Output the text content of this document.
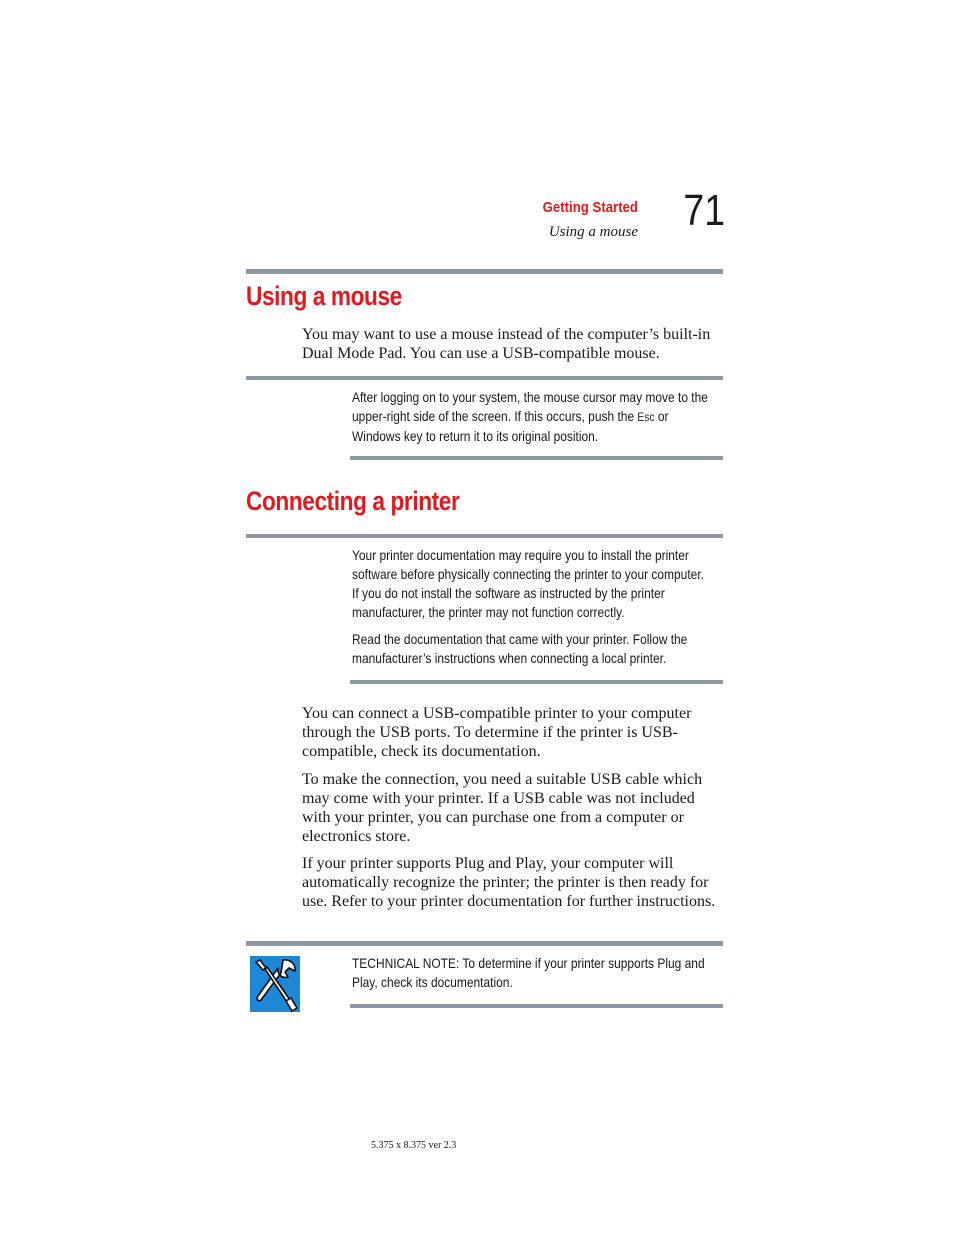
Getting Started
Using a mouse 71
Using a mouse

You may want to use a mouse instead of the computer’s built-in Dual Mode Pad. You can use a USB-compatible mouse.

After logging on to your system, the mouse cursor may move to the upper-right side of the screen. If this occurs, push the Esc or Windows key to return it to its original position.

Connecting a printer

Your printer documentation may require you to install the printer software before physically connecting the printer to your computer. If you do not install the software as instructed by the printer manufacturer, the printer may not function correctly.

Read the documentation that came with your printer. Follow the manufacturer’s instructions when connecting a local printer.

You can connect a USB-compatible printer to your computer through the USB ports. To determine if the printer is USB-compatible, check its documentation.

To make the connection, you need a suitable USB cable which may come with your printer. If a USB cable was not included with your printer, you can purchase one from a computer or electronics store.

If your printer supports Plug and Play, your computer will automatically recognize the printer; the printer is then ready for use. Refer to your printer documentation for further instructions.

TECHNICAL NOTE: To determine if your printer supports Plug and Play, check its documentation.

5.375 x 8.375 ver 2.3
